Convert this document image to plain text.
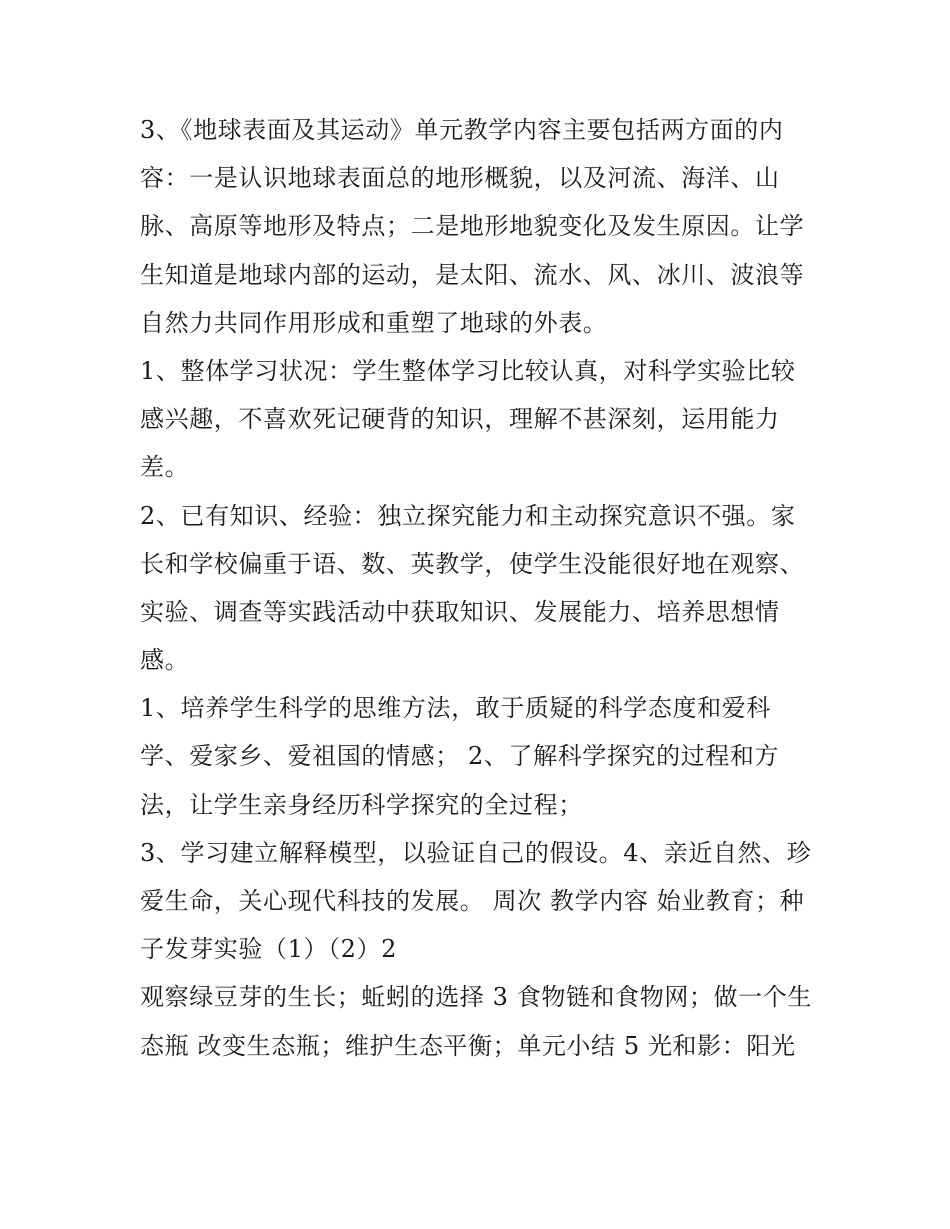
3、《地球表面及其运动》单元教学内容主要包括两方面的内
容：一是认识地球表面总的地形概貌，以及河流、海洋、山
脉、高原等地形及特点；二是地形地貌变化及发生原因。让学
生知道是地球内部的运动，是太阳、流水、风、冰川、波浪等
自然力共同作用形成和重塑了地球的外表。
1、整体学习状况：学生整体学习比较认真，对科学实验比较
感兴趣，不喜欢死记硬背的知识，理解不甚深刻，运用能力
差。
2、已有知识、经验：独立探究能力和主动探究意识不强。家
长和学校偏重于语、数、英教学，使学生没能很好地在观察、
实验、调查等实践活动中获取知识、发展能力、培养思想情
感。
1、培养学生科学的思维方法，敢于质疑的科学态度和爱科
学、爱家乡、爱祖国的情感； 2、了解科学探究的过程和方
法，让学生亲身经历科学探究的全过程；
3、学习建立解释模型，以验证自己的假设。4、亲近自然、珍
爱生命，关心现代科技的发展。 周次 教学内容 始业教育；种
子发芽实验（1）（2）2
观察绿豆芽的生长；蚯蚓的选择 3 食物链和食物网；做一个生
态瓶 改变生态瓶；维护生态平衡；单元小结 5 光和影：阳光
